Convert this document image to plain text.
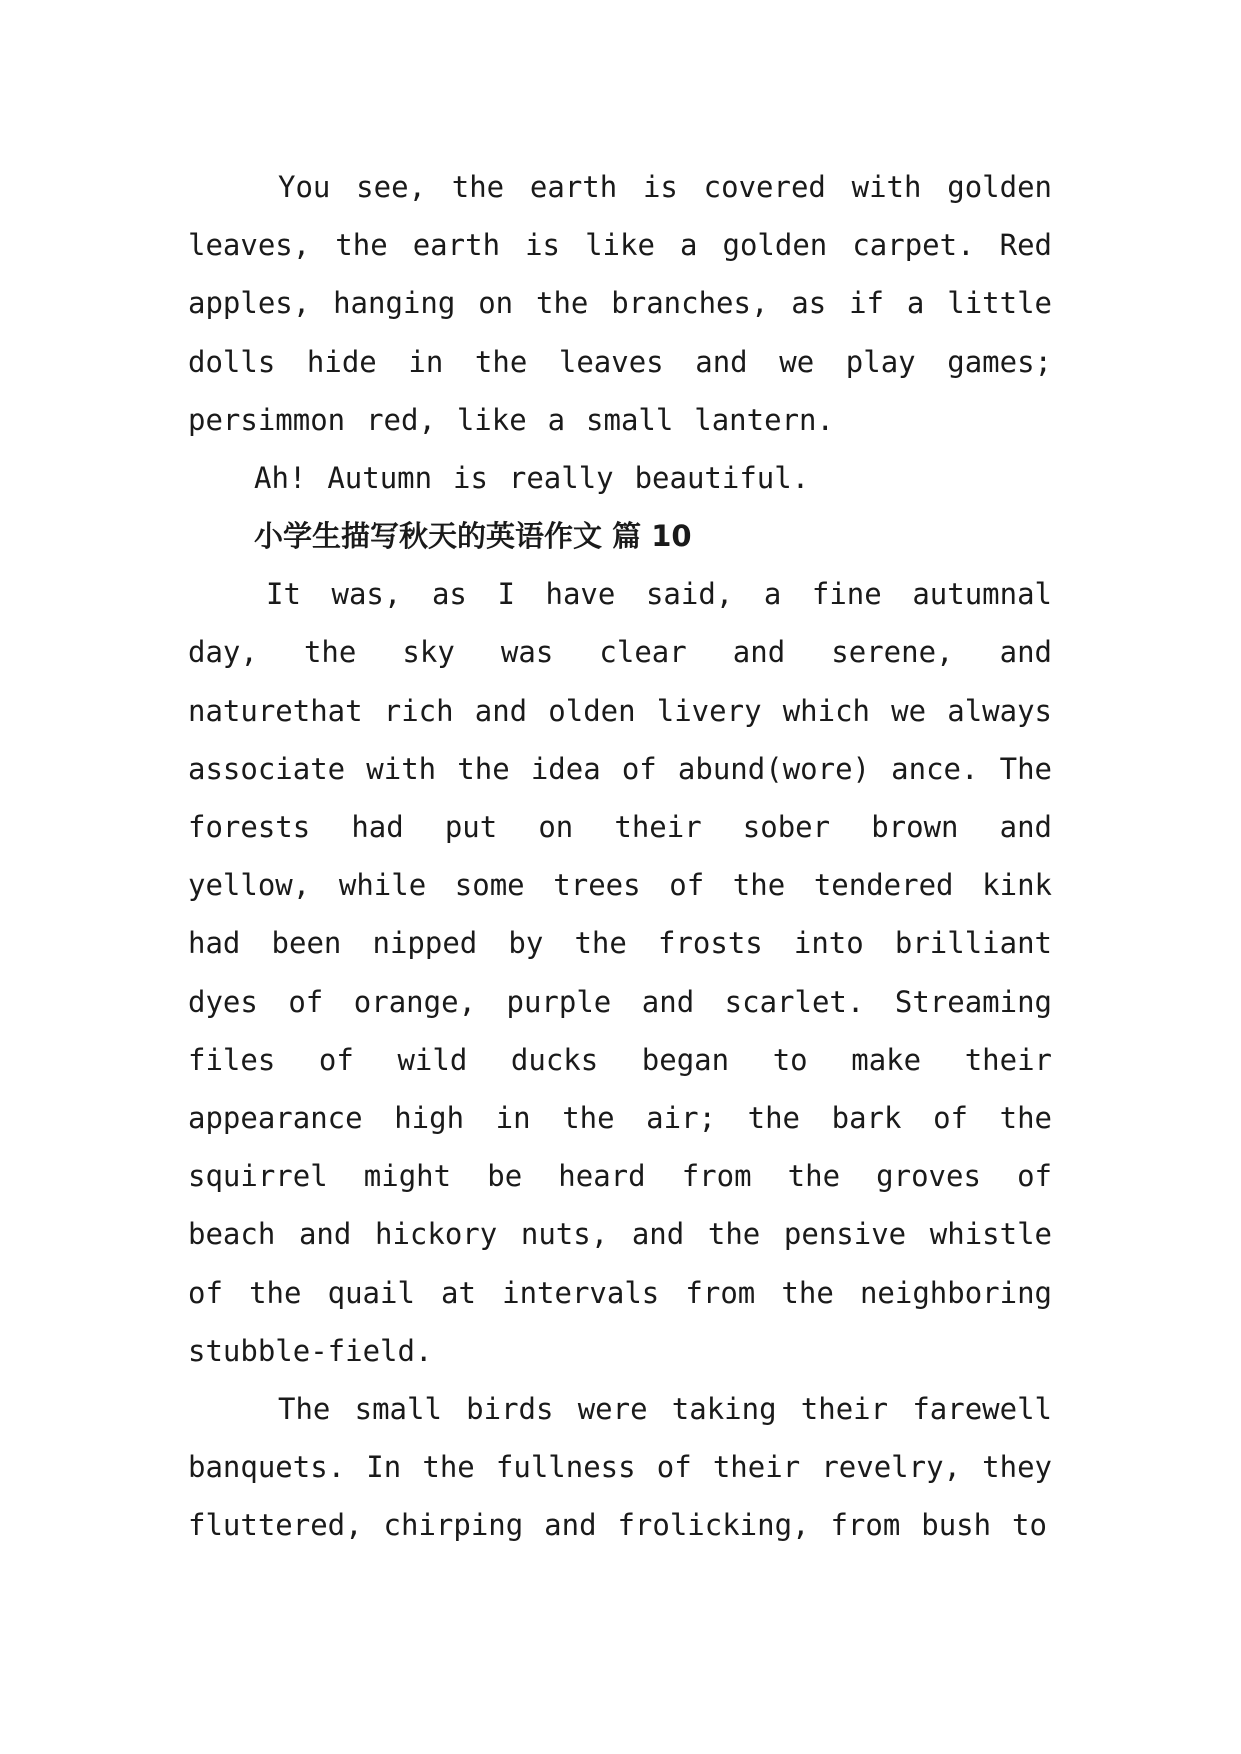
You see, the earth is covered with golden leaves, the earth is like a golden carpet. Red apples, hanging on the branches, as if a little dolls hide in the leaves and we play games; persimmon red, like a small lantern.

Ah! Autumn is really beautiful.

小学生描写秋天的英语作文 篇 10

It was, as I have said, a fine autumnal day, the sky was clear and serene, and naturethat rich and olden livery which we always associate with the idea of abund(wore) ance. The forests had put on their sober brown and yellow, while some trees of the tendered kink had been nipped by the frosts into brilliant dyes of orange, purple and scarlet. Streaming files of wild ducks began to make their appearance high in the air; the bark of the squirrel might be heard from the groves of beach and hickory nuts, and the pensive whistle of the quail at intervals from the neighboring stubble-field.

The small birds were taking their farewell banquets. In the fullness of their revelry, they fluttered, chirping and frolicking, from bush to
